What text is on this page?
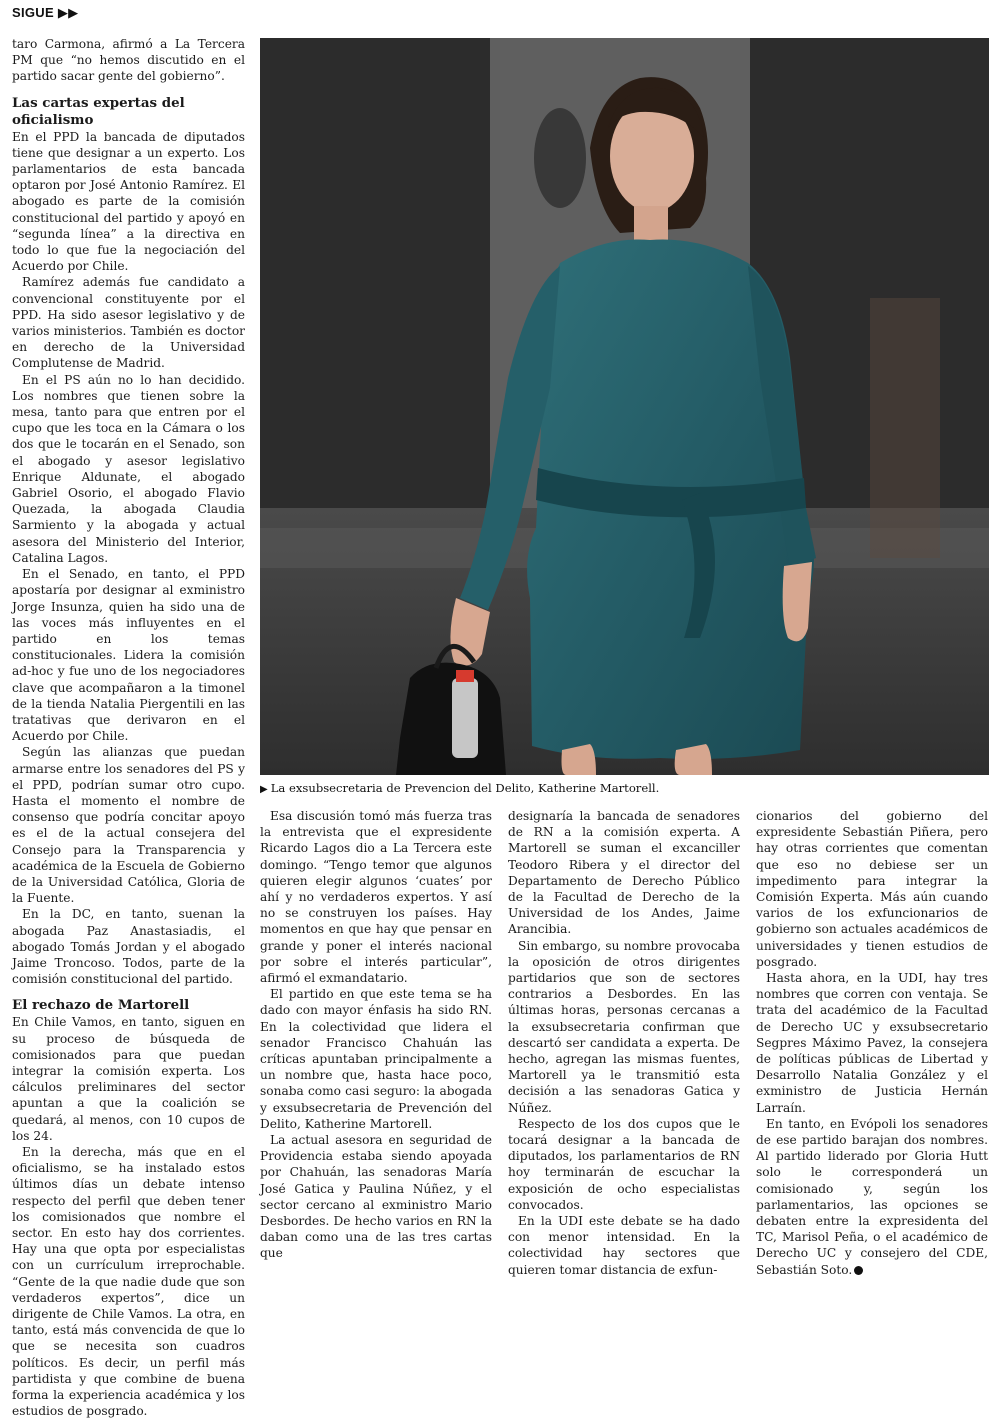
SIGUE ▶▶

taro Carmona, afirmó a La Tercera PM que “no hemos discutido en el partido sacar gente del gobierno”.

Las cartas expertas del oficialismo

En el PPD la bancada de diputados tiene que designar a un experto. Los parlamentarios de esta bancada optaron por José Antonio Ramírez. El abogado es parte de la comisión constitucional del partido y apoyó en “segunda línea” a la directiva en todo lo que fue la negociación del Acuerdo por Chile.

Ramírez además fue candidato a convencional constituyente por el PPD. Ha sido asesor legislativo y de varios ministerios. También es doctor en derecho de la Universidad Complutense de Madrid.

En el PS aún no lo han decidido. Los nombres que tienen sobre la mesa, tanto para que entren por el cupo que les toca en la Cámara o los dos que le tocarán en el Senado, son el abogado y asesor legislativo Enrique Aldunate, el abogado Gabriel Osorio, el abogado Flavio Quezada, la abogada Claudia Sarmiento y la abogada y actual asesora del Ministerio del Interior, Catalina Lagos.

En el Senado, en tanto, el PPD apostaría por designar al exministro Jorge Insunza, quien ha sido una de las voces más influyentes en el partido en los temas constitucionales. Lidera la comisión ad-hoc y fue uno de los negociadores clave que acompañaron a la timonel de la tienda Natalia Piergentili en las tratativas que derivaron en el Acuerdo por Chile.

Según las alianzas que puedan armarse entre los senadores del PS y el PPD, podrían sumar otro cupo. Hasta el momento el nombre de consenso que podría concitar apoyo es el de la actual consejera del Consejo para la Transparencia y académica de la Escuela de Gobierno de la Universidad Católica, Gloria de la Fuente.

En la DC, en tanto, suenan la abogada Paz Anastasiadis, el abogado Tomás Jordan y el abogado Jaime Troncoso. Todos, parte de la comisión constitucional del partido.

El rechazo de Martorell

En Chile Vamos, en tanto, siguen en su proceso de búsqueda de comisionados para que puedan integrar la comisión experta. Los cálculos preliminares del sector apuntan a que la coalición se quedará, al menos, con 10 cupos de los 24.

En la derecha, más que en el oficialismo, se ha instalado estos últimos días un debate intenso respecto del perfil que deben tener los comisionados que nombre el sector. En esto hay dos corrientes. Hay una que opta por especialistas con un currículum irreprochable. “Gente de la que nadie dude que son verdaderos expertos”, dice un dirigente de Chile Vamos. La otra, en tanto, está más convencida de que lo que se necesita son cuadros políticos. Es decir, un perfil más partidista y que combine de buena forma la experiencia académica y los estudios de posgrado.

▶ La exsubsecretaria de Prevencion del Delito, Katherine Martorell.

Esa discusión tomó más fuerza tras la entrevista que el expresidente Ricardo Lagos dio a La Tercera este domingo. “Tengo temor que algunos quieren elegir algunos ‘cuates’ por ahí y no verdaderos expertos. Y así no se construyen los países. Hay momentos en que hay que pensar en grande y poner el interés nacional por sobre el interés particular”, afirmó el exmandatario.

El partido en que este tema se ha dado con mayor énfasis ha sido RN. En la colectividad que lidera el senador Francisco Chahuán las críticas apuntaban principalmente a un nombre que, hasta hace poco, sonaba como casi seguro: la abogada y exsubsecretaria de Prevención del Delito, Katherine Martorell.

La actual asesora en seguridad de Providencia estaba siendo apoyada por Chahuán, las senadoras María José Gatica y Paulina Núñez, y el sector cercano al exministro Mario Desbordes. De hecho varios en RN la daban como una de las tres cartas que

designaría la bancada de senadores de RN a la comisión experta. A Martorell se suman el excanciller Teodoro Ribera y el director del Departamento de Derecho Público de la Facultad de Derecho de la Universidad de los Andes, Jaime Arancibia.

Sin embargo, su nombre provocaba la oposición de otros dirigentes partidarios que son de sectores contrarios a Desbordes. En las últimas horas, personas cercanas a la exsubsecretaria confirman que descartó ser candidata a experta. De hecho, agregan las mismas fuentes, Martorell ya le transmitió esta decisión a las senadoras Gatica y Núñez.

Respecto de los dos cupos que le tocará designar a la bancada de diputados, los parlamentarios de RN hoy terminarán de escuchar la exposición de ocho especialistas convocados.

En la UDI este debate se ha dado con menor intensidad. En la colectividad hay sectores que quieren tomar distancia de exfun-

cionarios del gobierno del expresidente Sebastián Piñera, pero hay otras corrientes que comentan que eso no debiese ser un impedimento para integrar la Comisión Experta. Más aún cuando varios de los exfuncionarios de gobierno son actuales académicos de universidades y tienen estudios de posgrado.

Hasta ahora, en la UDI, hay tres nombres que corren con ventaja. Se trata del académico de la Facultad de Derecho UC y exsubsecretario Segpres Máximo Pavez, la consejera de políticas públicas de Libertad y Desarrollo Natalia González y el exministro de Justicia Hernán Larraín.

En tanto, en Evópoli los senadores de ese partido barajan dos nombres. Al partido liderado por Gloria Hutt solo le corresponderá un comisionado y, según los parlamentarios, las opciones se debaten entre la expresidenta del TC, Marisol Peña, o el académico de Derecho UC y consejero del CDE, Sebastián Soto.
